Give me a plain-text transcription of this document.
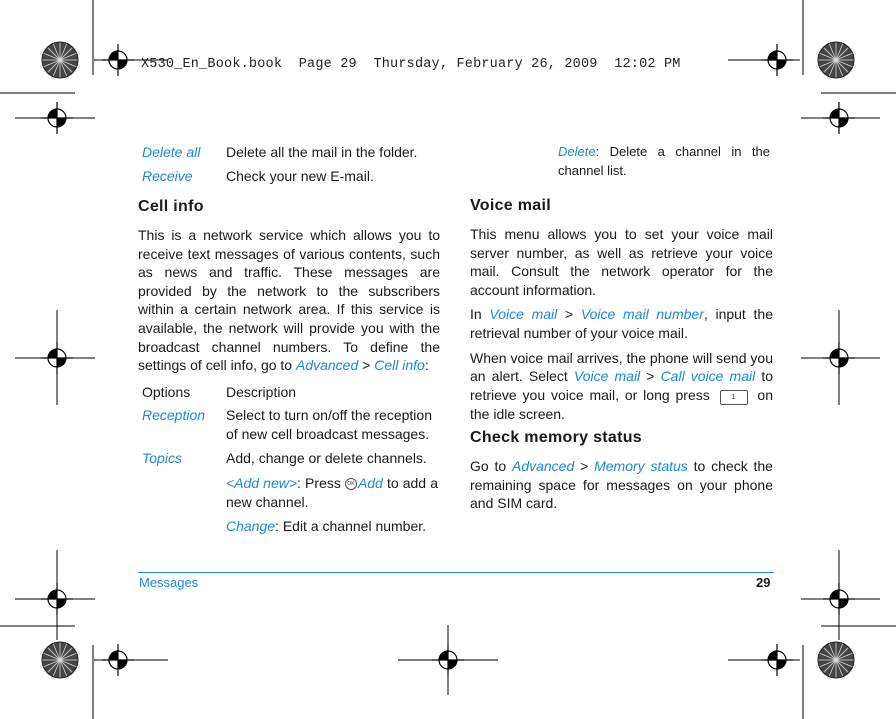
X530_En_Book.book Page 29 Thursday, February 26, 2009 12:02 PM
Delete all Delete all the mail in the folder.
Receive Check your new E-mail.
Delete: Delete a channel in the channel list.
Cell info

This is a network service which allows you to receive text messages of various contents, such as news and traffic. These messages are provided by the network to the subscribers within a certain network area. If this service is available, the network will provide you with the broadcast channel numbers. To define the settings of cell info, go to Advanced > Cell info:

Options	Description
Reception Select to turn on/off the reception of new cell broadcast messages.
Topics	Add, change or delete channels.
<Add new>: Press OK Add to add a new channel.
Change: Edit a channel number.
Voice mail

This menu allows you to set your voice mail server number, as well as retrieve your voice mail. Consult the network operator for the account information.

In Voice mail > Voice mail number, input the retrieval number of your voice mail.

When voice mail arrives, the phone will send you an alert. Select Voice mail > Call voice mail to retrieve you voice mail, or long press 1 on the idle screen.

Check memory status

Go to Advanced > Memory status to check the remaining space for messages on your phone and SIM card.

Messages	29
